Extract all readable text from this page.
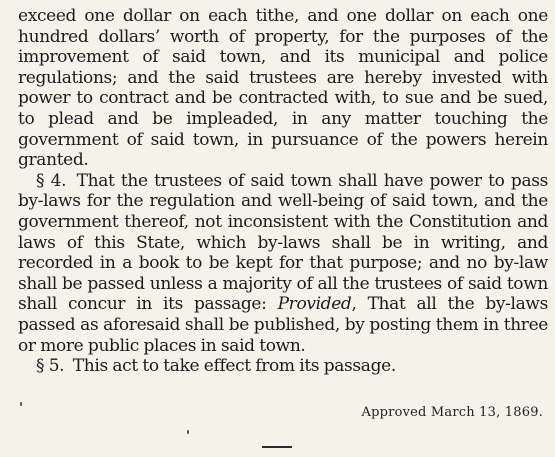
exceed one dollar on each tithe, and one dollar on each one hundred dollars’ worth of property, for the purposes of the improvement of said town, and its municipal and police regulations; and the said trustees are hereby invested with power to contract and be contracted with, to sue and be sued, to plead and be impleaded, in any matter touching the government of said town, in pursuance of the powers herein granted.

§ 4. That the trustees of said town shall have power to pass by-laws for the regulation and well-being of said town, and the government thereof, not inconsistent with the Constitution and laws of this State, which by-laws shall be in writing, and recorded in a book to be kept for that purpose; and no by-law shall be passed unless a majority of all the trustees of said town shall concur in its passage: Provided, That all the by-laws passed as aforesaid shall be published, by posting them in three or more public places in said town.

§ 5. This act to take effect from its passage.

Approved March 13, 1869.
